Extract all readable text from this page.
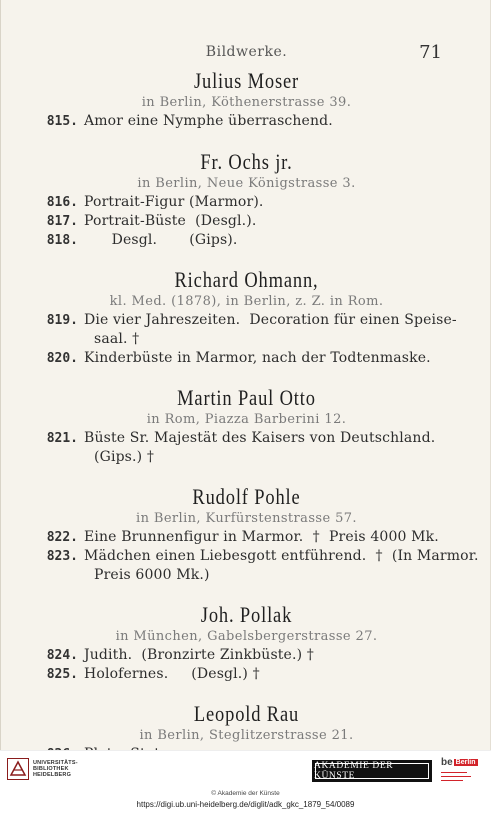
Bildwerke.	71
Julius Moser
in Berlin, Köthenerstrasse 39.
815. Amor eine Nymphe überraschend.
Fr. Ochs jr.
in Berlin, Neue Königstrasse 3.
816. Portrait-Figur (Marmor).
817. Portrait-Büste  (Desgl.).
818. Desgl.       (Gips).
Richard Ohmann,
kl. Med. (1878), in Berlin, z. Z. in Rom.
819. Die vier Jahreszeiten.  Decoration für einen Speise-
saal. †
820. Kinderbüste in Marmor, nach der Todtenmaske.
Martin Paul Otto
in Rom, Piazza Barberini 12.
821. Büste Sr. Majestät des Kaisers von Deutschland.
(Gips.) †
Rudolf Pohle
in Berlin, Kurfürstenstrasse 57.
822. Eine Brunnenfigur in Marmor.  †  Preis 4000 Mk.
823. Mädchen einen Liebesgott entführend.  †  (In Marmor.
Preis 6000 Mk.)
Joh. Pollak
in München, Gabelsbergerstrasse 27.
824. Judith.  (Bronzirte Zinkbüste.) †
825. Holofernes.     (Desgl.) †
Leopold Rau
in Berlin, Steglitzerstrasse 21.
UNIVERSITÄTS-
BIBLIOTHEK
HEIDELBERG
AKADEMIE DER KÜNSTE
be Berlin
© Akademie der Künste
https://digi.ub.uni-heidelberg.de/diglit/adk_gkc_1879_54/0089
